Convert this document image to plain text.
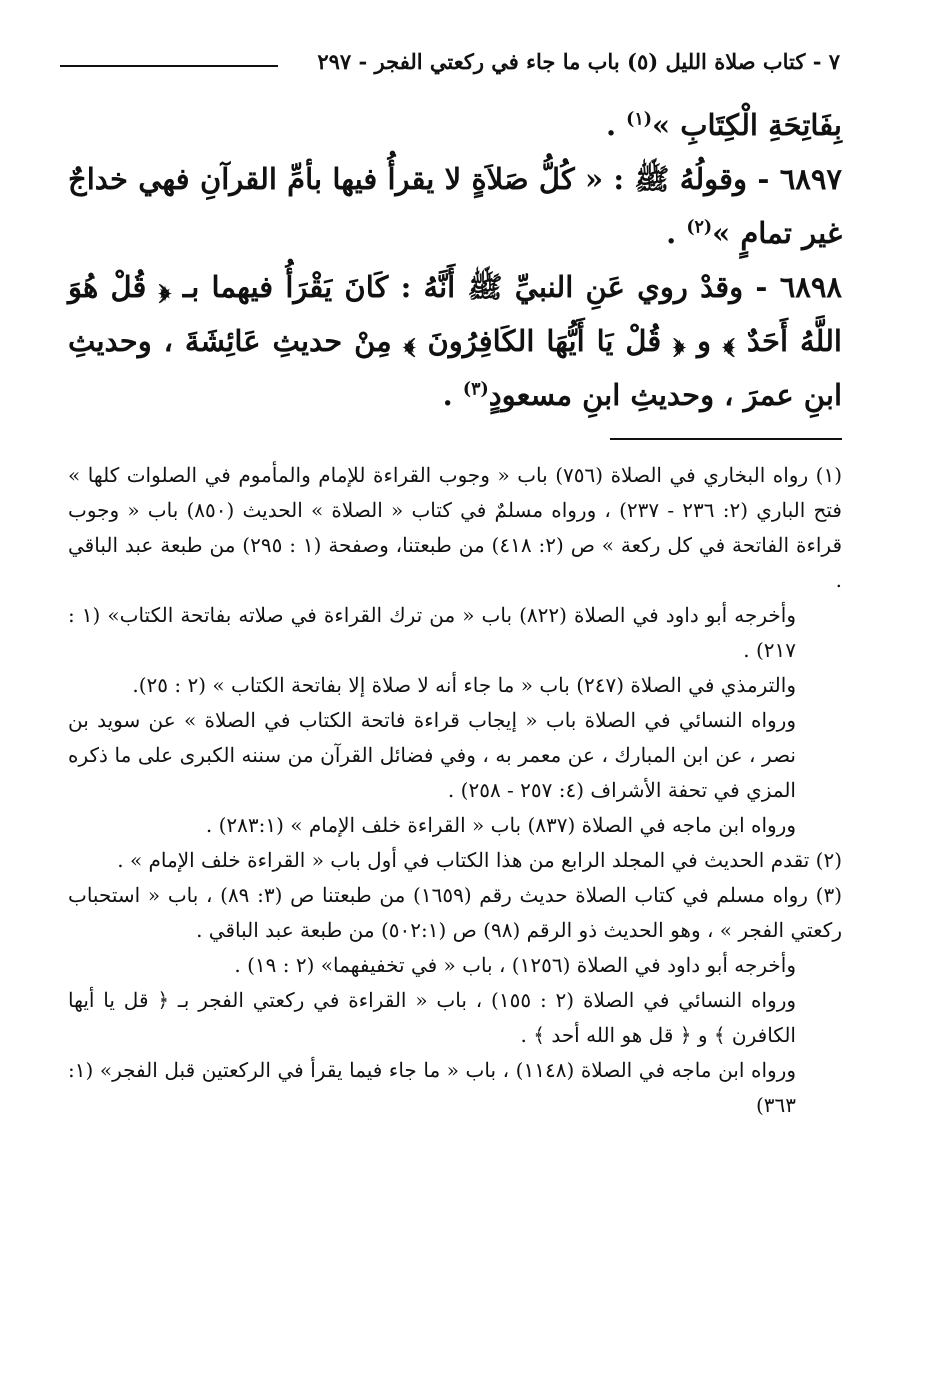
٧ - كتاب صلاة الليل (٥) باب ما جاء في ركعتي الفجر - ٢٩٧

بِفَاتِحَةِ الْكِتَابِ »$^{(١)}$ .

٦٨٩٧ - وقولُهُ ﷺ : « كُلُّ صَلاَةٍ لا يقرأُ فيها بأمِّ القرآنِ فهي خداجٌ غير تمامٍ »$^{(٢)}$ .

٦٨٩٨ - وقدْ روي عَنِ النبيِّ ﷺ أَنَّهُ : كَانَ يَقْرَأُ فيهما بـ ﴿ قُلْ هُوَ اللَّهُ أَحَدٌ ﴾ و ﴿ قُلْ يَا أَيُّهَا الكَافِرُونَ ﴾ مِنْ حديثِ عَائِشَةَ ، وحديثِ ابنِ عمرَ ، وحديثِ ابنِ مسعودٍ$^{(٣)}$ .

(١) رواه البخاري في الصلاة (٧٥٦) باب « وجوب القراءة للإمام والمأموم في الصلوات كلها » فتح الباري (٢: ٢٣٦ - ٢٣٧) ، ورواه مسلمٌ في كتاب « الصلاة » الحديث (٨٥٠) باب « وجوب قراءة الفاتحة في كل ركعة » ص (٢: ٤١٨) من طبعتنا، وصفحة (١ : ٢٩٥) من طبعة عبد الباقي .

وأخرجه أبو داود في الصلاة (٨٢٢) باب « من ترك القراءة في صلاته بفاتحة الكتاب» (١ : ٢١٧) .

والترمذي في الصلاة (٢٤٧) باب « ما جاء أنه لا صلاة إلا بفاتحة الكتاب » (٢ : ٢٥).

ورواه النسائي في الصلاة باب « إيجاب قراءة فاتحة الكتاب في الصلاة » عن سويد بن نصر ، عن ابن المبارك ، عن معمر به ، وفي فضائل القرآن من سننه الكبرى على ما ذكره المزي في تحفة الأشراف (٤: ٢٥٧ - ٢٥٨) .

ورواه ابن ماجه في الصلاة (٨٣٧) باب « القراءة خلف الإمام » (٢٨٣:١) .

(٢) تقدم الحديث في المجلد الرابع من هذا الكتاب في أول باب « القراءة خلف الإمام » .

(٣) رواه مسلم في كتاب الصلاة حديث رقم (١٦٥٩) من طبعتنا ص (٣: ٨٩) ، باب « استحباب ركعتي الفجر » ، وهو الحديث ذو الرقم (٩٨) ص (٥٠٢:١) من طبعة عبد الباقي .

وأخرجه أبو داود في الصلاة (١٢٥٦) ، باب « في تخفيفهما» (٢ : ١٩) .

ورواه النسائي في الصلاة (٢ : ١٥٥) ، باب « القراءة في ركعتي الفجر بـ ﴿ قل يا أيها الكافرن ﴾ و ﴿ قل هو الله أحد ﴾ .

ورواه ابن ماجه في الصلاة (١١٤٨) ، باب « ما جاء فيما يقرأ في الركعتين قبل الفجر» (١: ٣٦٣)
